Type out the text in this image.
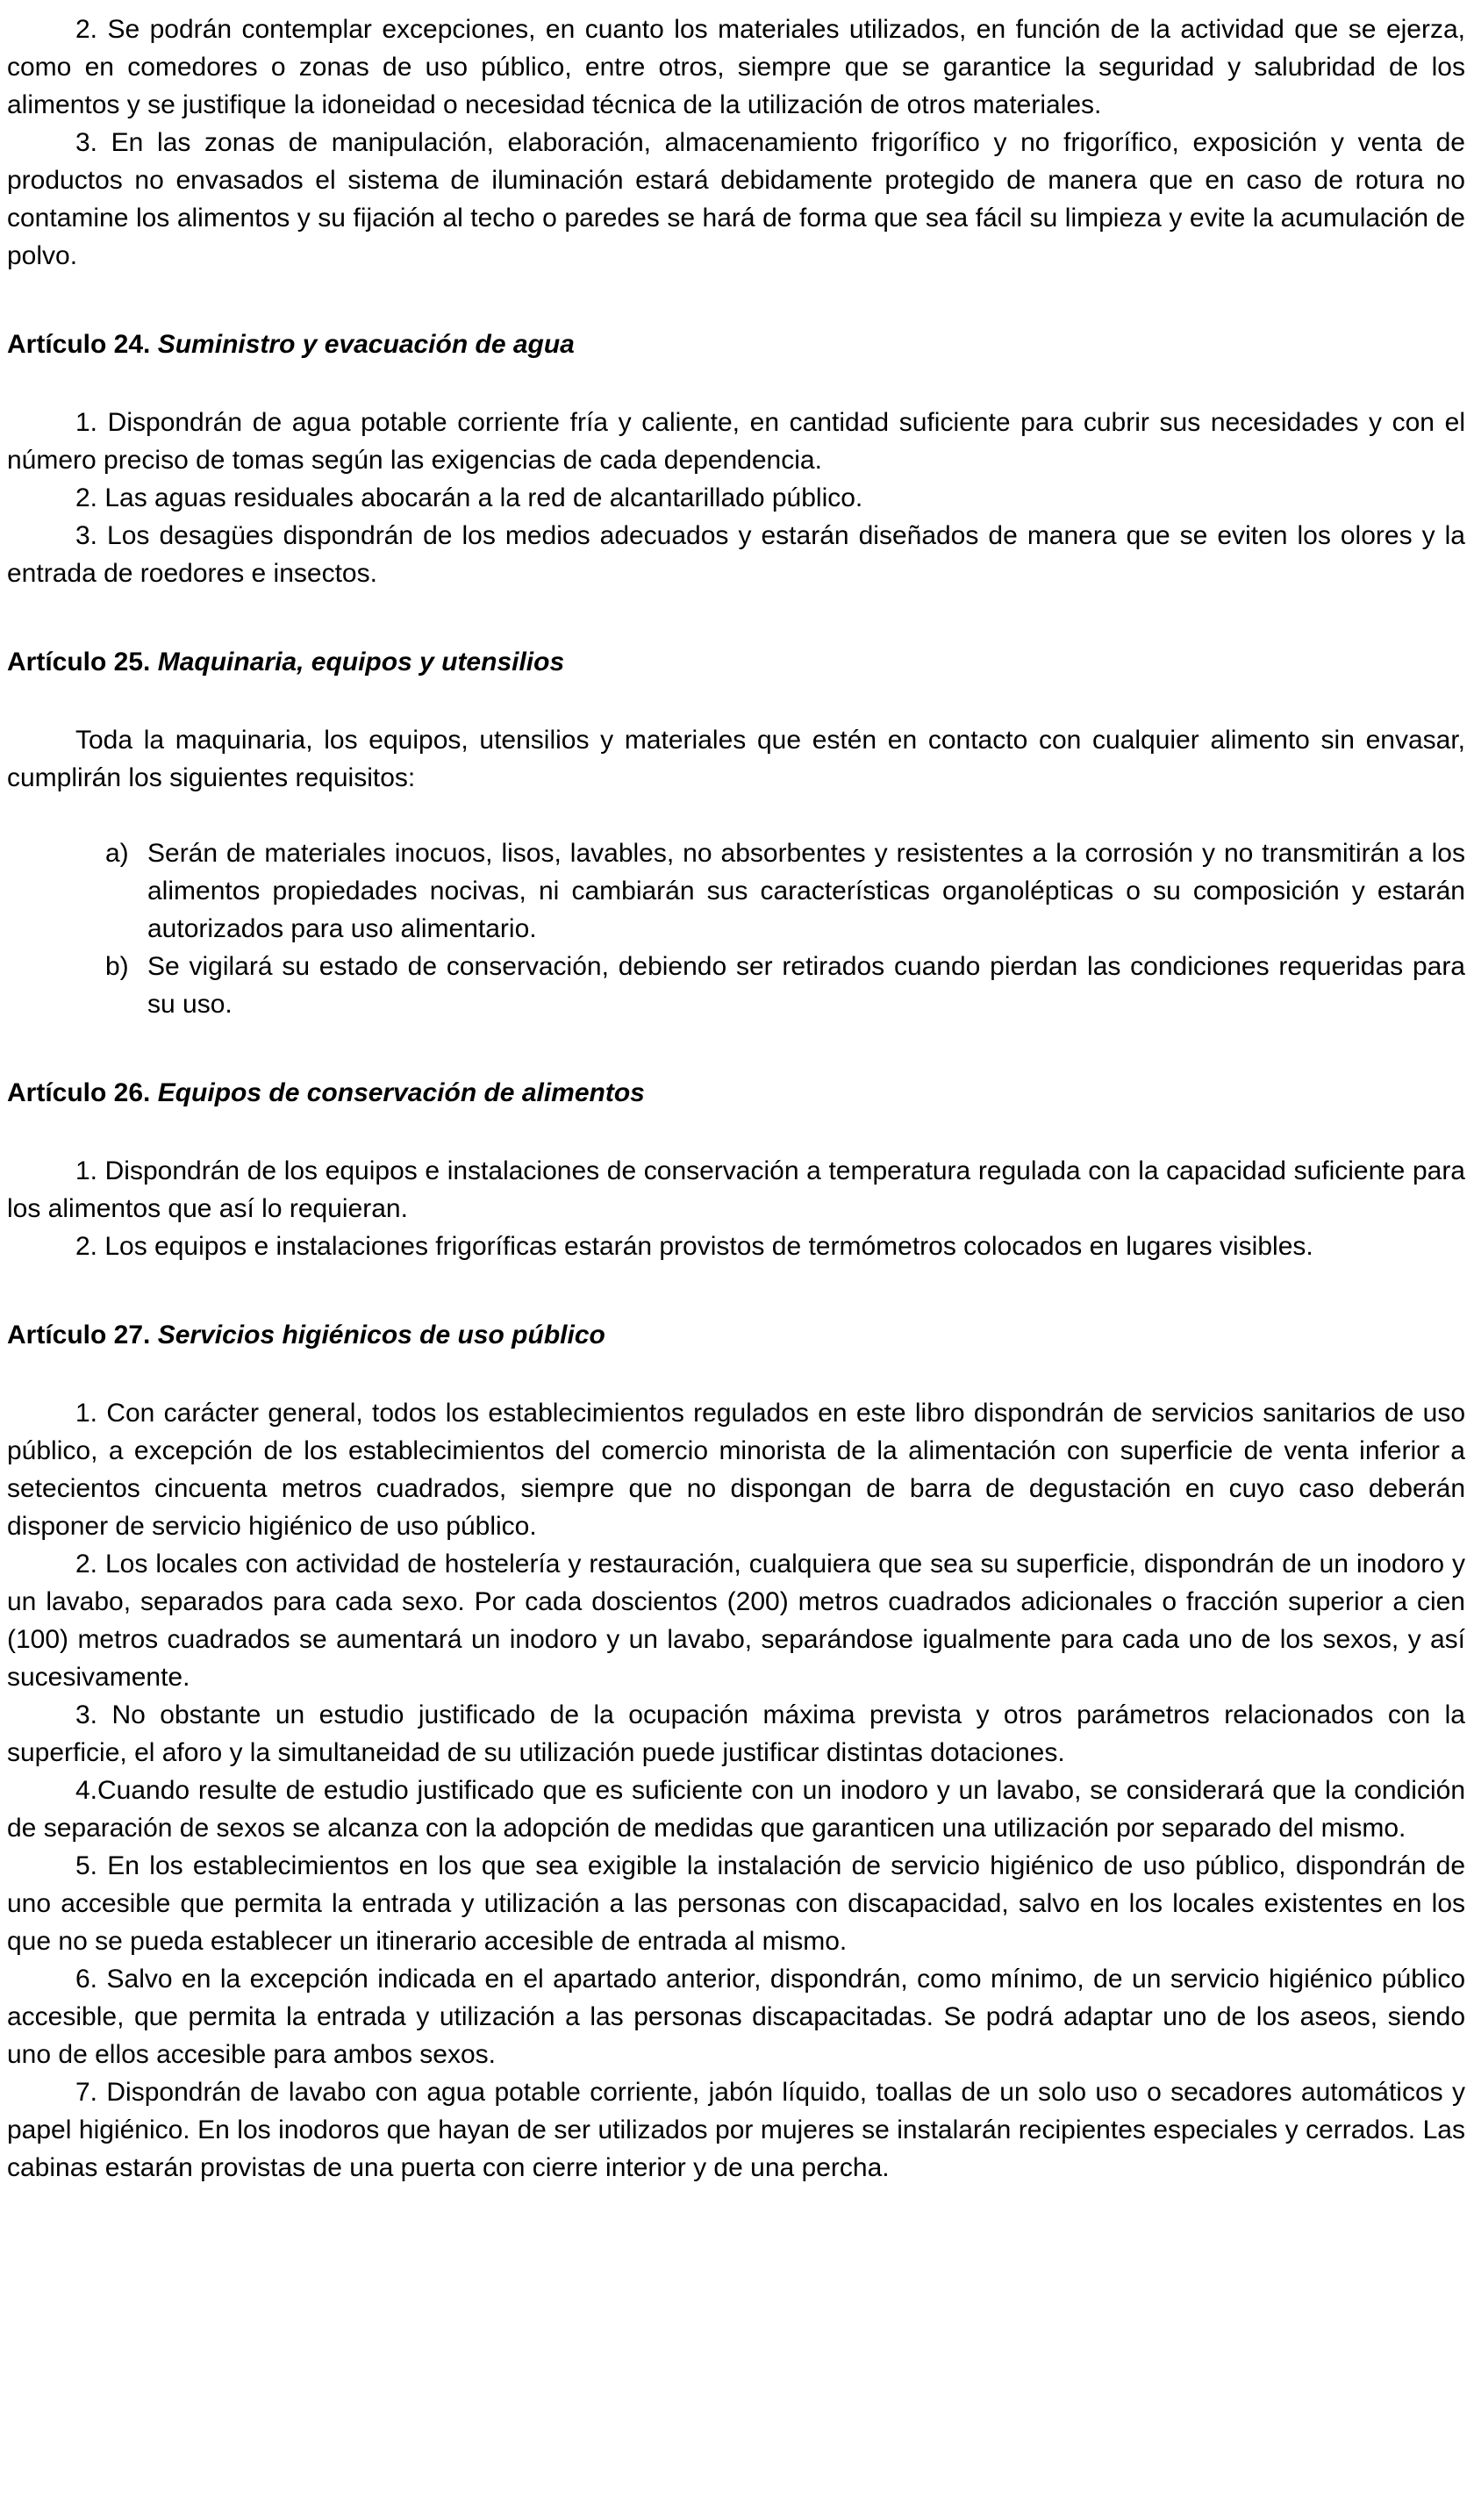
2. Se podrán contemplar excepciones, en cuanto los materiales utilizados, en función de la actividad que se ejerza, como en comedores o zonas de uso público, entre otros, siempre que se garantice la seguridad y salubridad de los alimentos y se justifique la idoneidad o necesidad técnica de la utilización de otros materiales.

3. En las zonas de manipulación, elaboración, almacenamiento frigorífico y no frigorífico, exposición y venta de productos no envasados el sistema de iluminación estará debidamente protegido de manera que en caso de rotura no contamine los alimentos y su fijación al techo o paredes se hará de forma que sea fácil su limpieza y evite la acumulación de polvo.

Artículo 24. Suministro y evacuación de agua

1. Dispondrán de agua potable corriente fría y caliente, en cantidad suficiente para cubrir sus necesidades y con el número preciso de tomas según las exigencias de cada dependencia.

2. Las aguas residuales abocarán a la red de alcantarillado público.

3. Los desagües dispondrán de los medios adecuados y estarán diseñados de manera que se eviten los olores y la entrada de roedores e insectos.

Artículo 25. Maquinaria, equipos y utensilios

Toda la maquinaria, los equipos, utensilios y materiales que estén en contacto con cualquier alimento sin envasar, cumplirán los siguientes requisitos:

a) Serán de materiales inocuos, lisos, lavables, no absorbentes y resistentes a la corrosión y no transmitirán a los alimentos propiedades nocivas, ni cambiarán sus características organolépticas o su composición y estarán autorizados para uso alimentario.
b) Se vigilará su estado de conservación, debiendo ser retirados cuando pierdan las condiciones requeridas para su uso.
Artículo 26. Equipos de conservación de alimentos

1. Dispondrán de los equipos e instalaciones de conservación a temperatura regulada con la capacidad suficiente para los alimentos que así lo requieran.

2. Los equipos e instalaciones frigoríficas estarán provistos de termómetros colocados en lugares visibles.

Artículo 27. Servicios higiénicos de uso público

1. Con carácter general, todos los establecimientos regulados en este libro dispondrán de servicios sanitarios de uso público, a excepción de los establecimientos del comercio minorista de la alimentación con superficie de venta inferior a setecientos cincuenta metros cuadrados, siempre que no dispongan de barra de degustación en cuyo caso deberán disponer de servicio higiénico de uso público.

2. Los locales con actividad de hostelería y restauración, cualquiera que sea su superficie, dispondrán de un inodoro y un lavabo, separados para cada sexo. Por cada doscientos (200) metros cuadrados adicionales o fracción superior a cien (100) metros cuadrados se aumentará un inodoro y un lavabo, separándose igualmente para cada uno de los sexos, y así sucesivamente.

3. No obstante un estudio justificado de la ocupación máxima prevista y otros parámetros relacionados con la superficie, el aforo y la simultaneidad de su utilización puede justificar distintas dotaciones.

4.Cuando resulte de estudio justificado que es suficiente con un inodoro y un lavabo, se considerará que la condición de separación de sexos se alcanza con la adopción de medidas que garanticen una utilización por separado del mismo.

5. En los establecimientos en los que sea exigible la instalación de servicio higiénico de uso público, dispondrán de uno accesible que permita la entrada y utilización a las personas con discapacidad, salvo en los locales existentes en los que no se pueda establecer un itinerario accesible de entrada al mismo.

6. Salvo en la excepción indicada en el apartado anterior, dispondrán, como mínimo, de un servicio higiénico público accesible, que permita la entrada y utilización a las personas discapacitadas. Se podrá adaptar uno de los aseos, siendo uno de ellos accesible para ambos sexos.

7. Dispondrán de lavabo con agua potable corriente, jabón líquido, toallas de un solo uso o secadores automáticos y papel higiénico. En los inodoros que hayan de ser utilizados por mujeres se instalarán recipientes especiales y cerrados. Las cabinas estarán provistas de una puerta con cierre interior y de una percha.
